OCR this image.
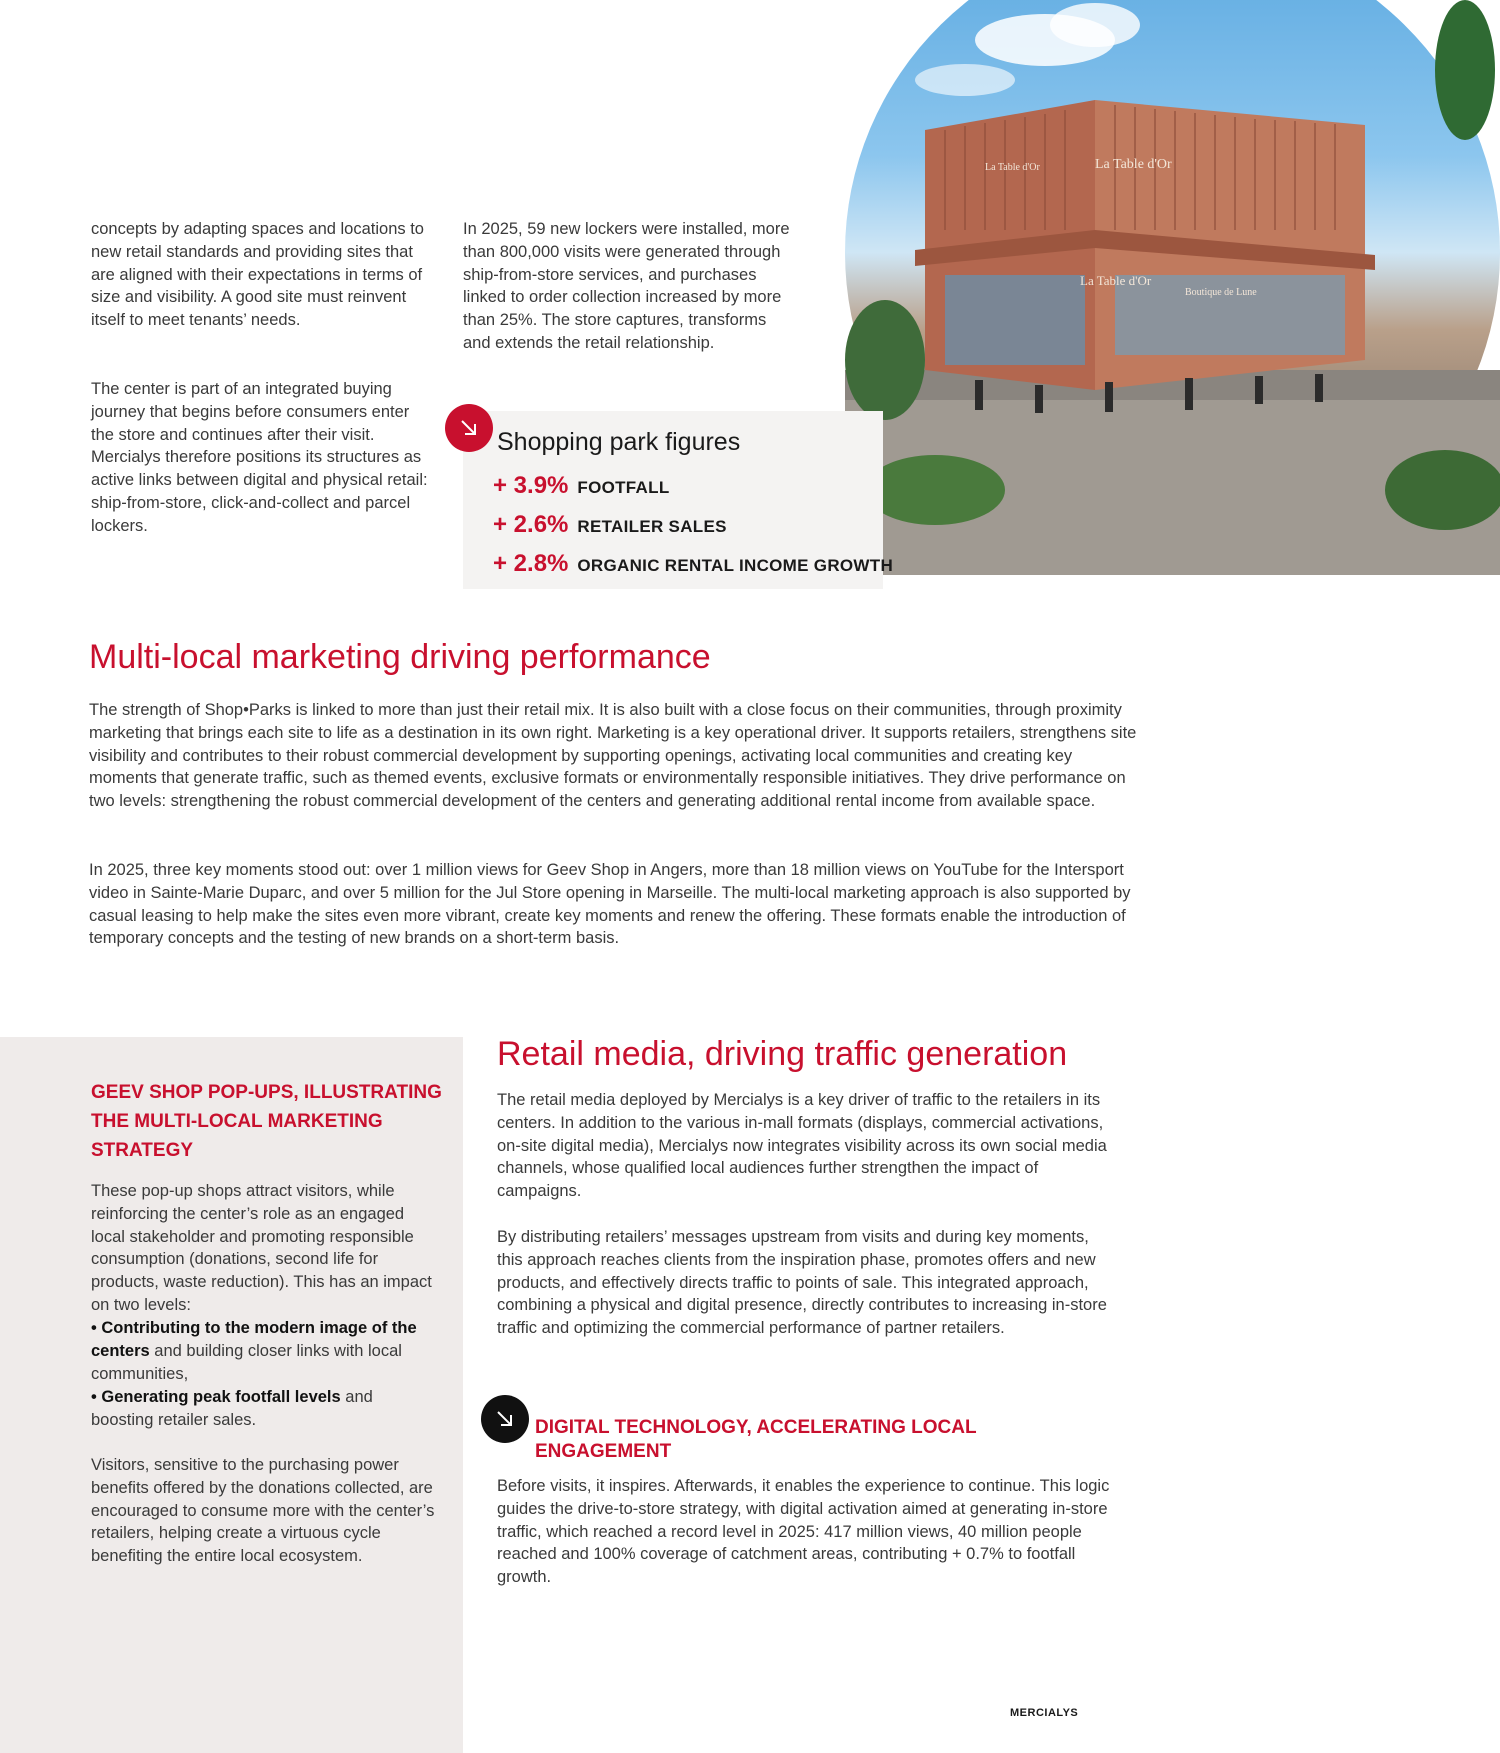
La Table d'Or
La Table d'Or
La Table d'Or
Boutique de Lune

concepts by adapting spaces and locations to new retail standards and providing sites that are aligned with their expectations in terms of size and visibility. A good site must reinvent itself to meet tenants’ needs.

The center is part of an integrated buying journey that begins before consumers enter the store and continues after their visit. Mercialys therefore positions its structures as active links between digital and physical retail: ship-from-store, click-and-collect and parcel lockers.

In 2025, 59 new lockers were installed, more than 800,000 visits were generated through ship-from-store services, and purchases linked to order collection increased by more than 25%. The store captures, transforms and extends the retail relationship.

Shopping park figures
+ 3.9% FOOTFALL
+ 2.6% RETAILER SALES
+ 2.8% ORGANIC RENTAL INCOME GROWTH
Multi-local marketing driving performance

The strength of Shop•Parks is linked to more than just their retail mix. It is also built with a close focus on their communities, through proximity marketing that brings each site to life as a destination in its own right. Marketing is a key operational driver. It supports retailers, strengthens site visibility and contributes to their robust commercial development by supporting openings, activating local communities and creating key moments that generate traffic, such as themed events, exclusive formats or environmentally responsible initiatives. They drive performance on two levels: strengthening the robust commercial development of the centers and generating additional rental income from available space.

In 2025, three key moments stood out: over 1 million views for Geev Shop in Angers, more than 18 million views on YouTube for the Intersport video in Sainte-Marie Duparc, and over 5 million for the Jul Store opening in Marseille. The multi-local marketing approach is also supported by casual leasing to help make the sites even more vibrant, create key moments and renew the offering. These formats enable the introduction of temporary concepts and the testing of new brands on a short-term basis.

GEEV SHOP POP-UPS, ILLUSTRATING THE MULTI-LOCAL MARKETING STRATEGY

These pop-up shops attract visitors, while reinforcing the center’s role as an engaged local stakeholder and promoting responsible consumption (donations, second life for products, waste reduction). This has an impact on two levels:

• Contributing to the modern image of the centers and building closer links with local communities,

• Generating peak footfall levels and boosting retailer sales.

Visitors, sensitive to the purchasing power benefits offered by the donations collected, are encouraged to consume more with the center’s retailers, helping create a virtuous cycle benefiting the entire local ecosystem.

Retail media, driving traffic generation

The retail media deployed by Mercialys is a key driver of traffic to the retailers in its centers. In addition to the various in-mall formats (displays, commercial activations, on-site digital media), Mercialys now integrates visibility across its own social media channels, whose qualified local audiences further strengthen the impact of campaigns.

By distributing retailers’ messages upstream from visits and during key moments, this approach reaches clients from the inspiration phase, promotes offers and new products, and effectively directs traffic to points of sale. This integrated approach, combining a physical and digital presence, directly contributes to increasing in-store traffic and optimizing the commercial performance of partner retailers.

DIGITAL TECHNOLOGY, ACCELERATING LOCAL ENGAGEMENT

Before visits, it inspires. Afterwards, it enables the experience to continue. This logic guides the drive-to-store strategy, with digital activation aimed at generating in-store traffic, which reached a record level in 2025: 417 million views, 40 million people reached and 100% coverage of catchment areas, contributing + 0.7% to footfall growth.

MERCIALYS
